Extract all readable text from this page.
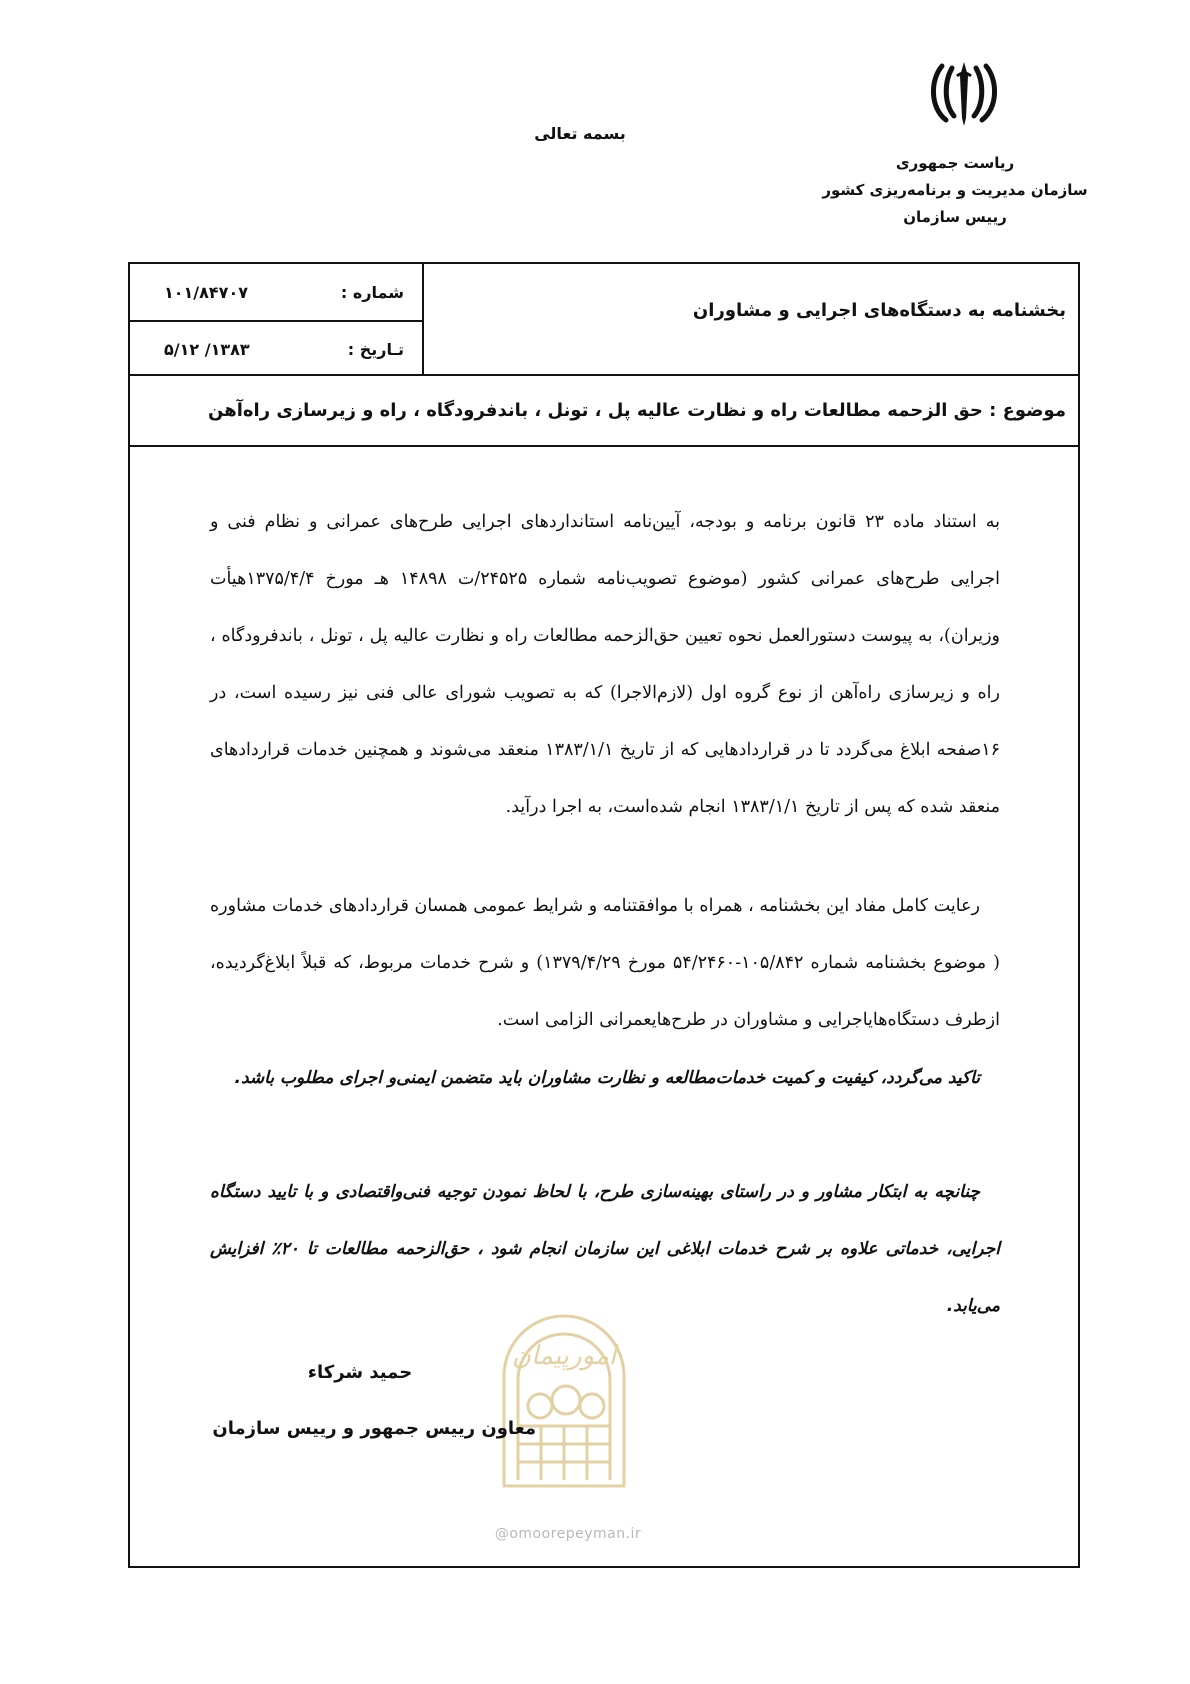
بسمه تعالی
ریاست جمهوری
سازمان مدیریت و برنامه‌ریزی کشور
رییس سازمان
شماره :
۱۰۱/۸۴۷۰۷
تـاریخ :
۱۳۸۳/ ۵/۱۲
بخشنامه به دستگاه‌های اجرایی و مشاوران
موضوع : حق الزحمه مطالعات راه و نظارت عالیه پل ، تونل ، باندفرودگاه ، راه و زیرسازی راه‌آهن
به استناد ماده ۲۳ قانون برنامه و بودجه، آیین‌نامه استانداردهای اجرایی طرح‌های عمرانی و نظام فنی و اجرایی طرح‌های عمرانی کشور (موضوع تصویب‌نامه شماره ۲۴۵۲۵/ت ۱۴۸۹۸ هـ مورخ ۱۳۷۵/۴/۴هیأت وزیران)، به پیوست دستورالعمل نحوه تعیین حق‌الزحمه مطالعات راه و نظارت عالیه پل ، تونل ، باندفرودگاه ، راه و زیرسازی راه‌آهن از نوع گروه اول (لازم‌الاجرا) که به تصویب شورای عالی فنی نیز رسیده است، در ۱۶صفحه ابلاغ می‌گردد تا در قراردادهایی که از تاریخ ۱۳۸۳/۱/۱ منعقد می‌شوند و همچنین خدمات قراردادهای منعقد شده که پس از تاریخ ۱۳۸۳/۱/۱ انجام شده‌است، به اجرا درآید.
رعایت کامل مفاد این بخشنامه ، همراه با موافقتنامه و شرایط عمومی همسان قراردادهای خدمات مشاوره ( موضوع بخشنامه شماره ۱۰۵/۸۴۲-۵۴/۲۴۶۰ مورخ ۱۳۷۹/۴/۲۹) و شرح خدمات مربوط، که قبلاً ابلاغ‌گردیده، ازطرف دستگاه‌هایاجرایی و مشاوران در طرح‌هایعمرانی الزامی است.
تاکید می‌گردد، کیفیت و کمیت خدمات‌مطالعه و نظارت مشاوران باید متضمن ایمنی‌و اجرای مطلوب باشد.
چنانچه به ابتکار مشاور و در راستای بهینه‌سازی طرح، با لحاظ نمودن توجیه فنی‌واقتصادی و با تایید دستگاه اجرایی، خدماتی علاوه بر شرح خدمات ابلاغی این سازمان انجام شود ، حق‌الزحمه مطالعات تا ۲۰٪ افزایش می‌یابد.
امورپیمان
@omoorepeyman.ir
حمید شرکاء
معاون رییس جمهور و رییس سازمان
